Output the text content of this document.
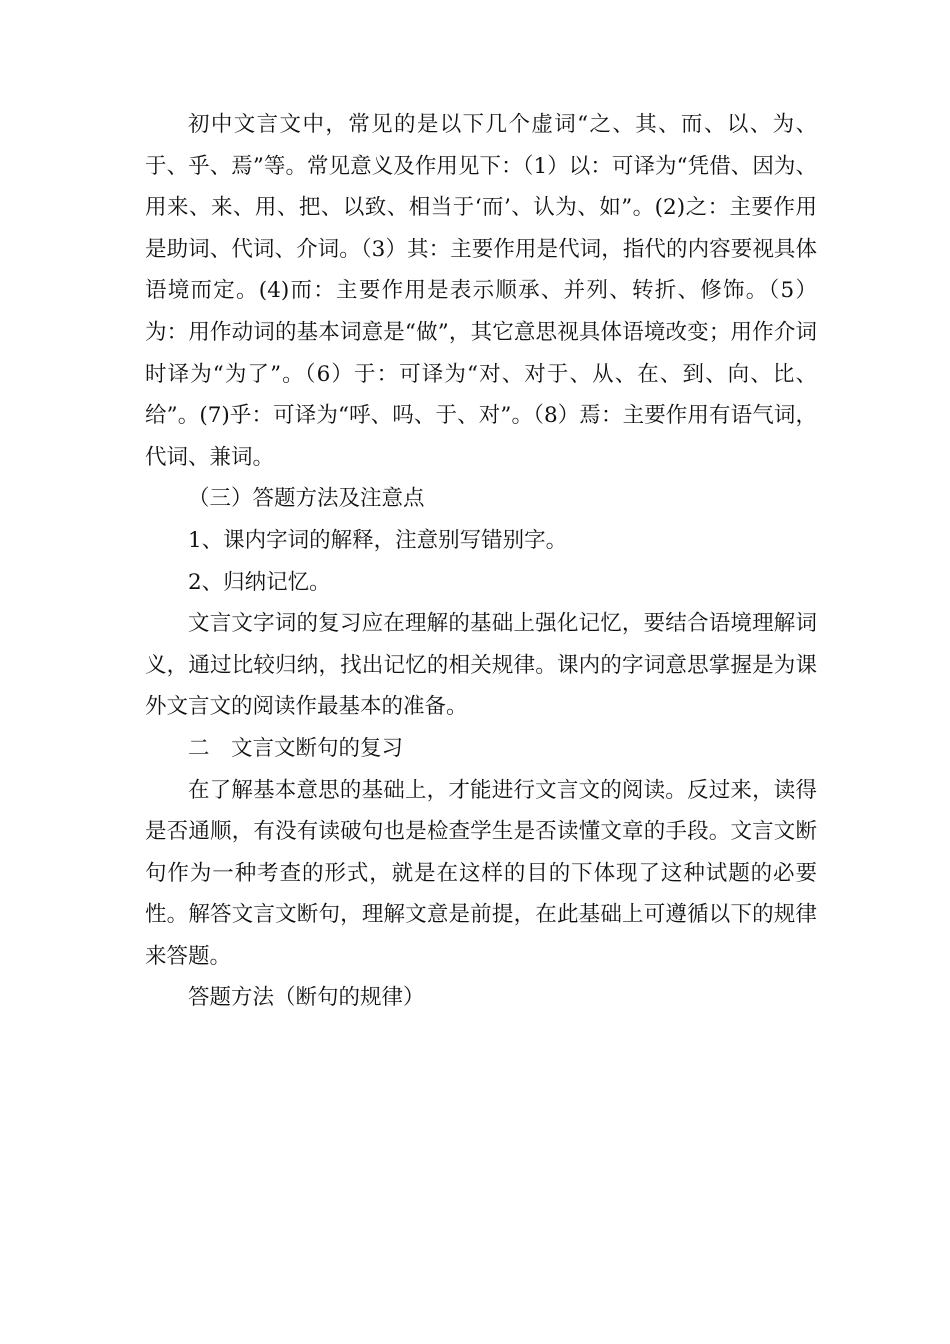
初中文言文中，常见的是以下几个虚词“之、其、而、以、为、于、乎、焉”等。常见意义及作用见下：（1）以：可译为“凭借、因为、用来、来、用、把、以致、相当于‘而’、认为、如”。(2)之：主要作用是助词、代词、介词。（3）其：主要作用是代词，指代的内容要视具体语境而定。(4)而：主要作用是表示顺承、并列、转折、修饰。（5）为：用作动词的基本词意是“做”，其它意思视具体语境改变；用作介词时译为“为了”。（6）于：可译为“对、对于、从、在、到、向、比、给”。(7)乎：可译为“呼、吗、于、对”。（8）焉：主要作用有语气词，代词、兼词。

（三）答题方法及注意点

1、课内字词的解释，注意别写错别字。

2、归纳记忆。

文言文字词的复习应在理解的基础上强化记忆，要结合语境理解词义，通过比较归纳，找出记忆的相关规律。课内的字词意思掌握是为课外文言文的阅读作最基本的准备。

二　文言文断句的复习

在了解基本意思的基础上，才能进行文言文的阅读。反过来，读得是否通顺，有没有读破句也是检查学生是否读懂文章的手段。文言文断句作为一种考查的形式，就是在这样的目的下体现了这种试题的必要性。解答文言文断句，理解文意是前提，在此基础上可遵循以下的规律来答题。

答题方法（断句的规律）
